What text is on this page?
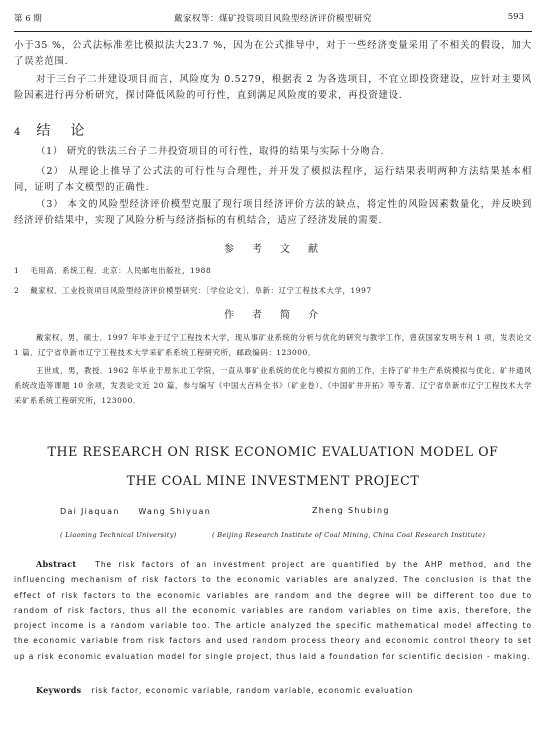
第 6 期	戴家权等：煤矿投资项目风险型经济评价模型研究	593
小于35 %，公式法标准差比模拟法大23.7 %，因为在公式推导中，对于一些经济变量采用了不相关的假设，加大了误差范围.
对于三台子二井建设项目而言，风险度为 0.5279，根据表 2 为各选项目，不宜立即投资建设，应针对主要风险因素进行再分析研究，探讨降低风险的可行性，直到满足风险度的要求，再投资建设.
4 结　论
（1） 研究的铁法三台子二井投资项目的可行性，取得的结果与实际十分吻合.
（2） 从理论上推导了公式法的可行性与合理性，并开发了模拟法程序，运行结果表明两种方法结果基本相同，证明了本文模型的正确性.
（3） 本文的风险型经济评价模型克服了现行项目经济评价方法的缺点，将定性的风险因素数量化，并反映到经济评价结果中，实现了风险分析与经济指标的有机结合，适应了经济发展的需要.
参　考　文　献
1　 毛用高．系统工程．北京：人民邮电出版社，1988
2　 戴家权．工业投资项目风险型经济评价模型研究：［学位论文］．阜新：辽宁工程技术大学，1997
作　者　简　介
戴家权，男，硕士．1997 年毕业于辽宁工程技术大学，现从事矿业系统的分析与优化的研究与教学工作，曾获国家发明专利 1 项，发表论文 1 篇．辽宁省阜新市辽宁工程技术大学采矿系系统工程研究所，邮政编码：123000．
王世成，男，教授．1962 年毕业于原东北工学院，一直从事矿业系统的优化与模拟方面的工作，主持了矿井生产系统模拟与优化、矿井通风系统改造等课题 10 余项，发表论文近 20 篇，参与编写《中国大百科全书》（矿业卷）、《中国矿井开拓》等专著．辽宁省阜新市辽宁工程技术大学采矿系系统工程研究所，123000．
THE RESEARCH ON RISK ECONOMIC EVALUATION MODEL OF
THE COAL MINE INVESTMENT PROJECT
Dai Jiaquan　　Wang Shiyuan	Zheng Shubing
( Liaoning Technical University)	( Beijing Research Institute of Coal Mining, China Coal Research Institute)
Abstract	The risk factors of an investment project are quantified by the AHP method, and the influencing mechanism of risk factors to the economic variables are analyzed. The conclusion is that the effect of risk factors to the economic variables are random and the degree will be different too due to random of risk factors, thus all the economic variables are random variables on time axis, therefore, the project income is a random variable too. The article analyzed the specific mathematical model affecting to the economic variable from risk factors and used random process theory and economic control theory to set up a risk economic evaluation model for single project, thus laid a foundation for scientific decision - making.
Keywords risk factor, economic variable, random variable, economic evaluation
